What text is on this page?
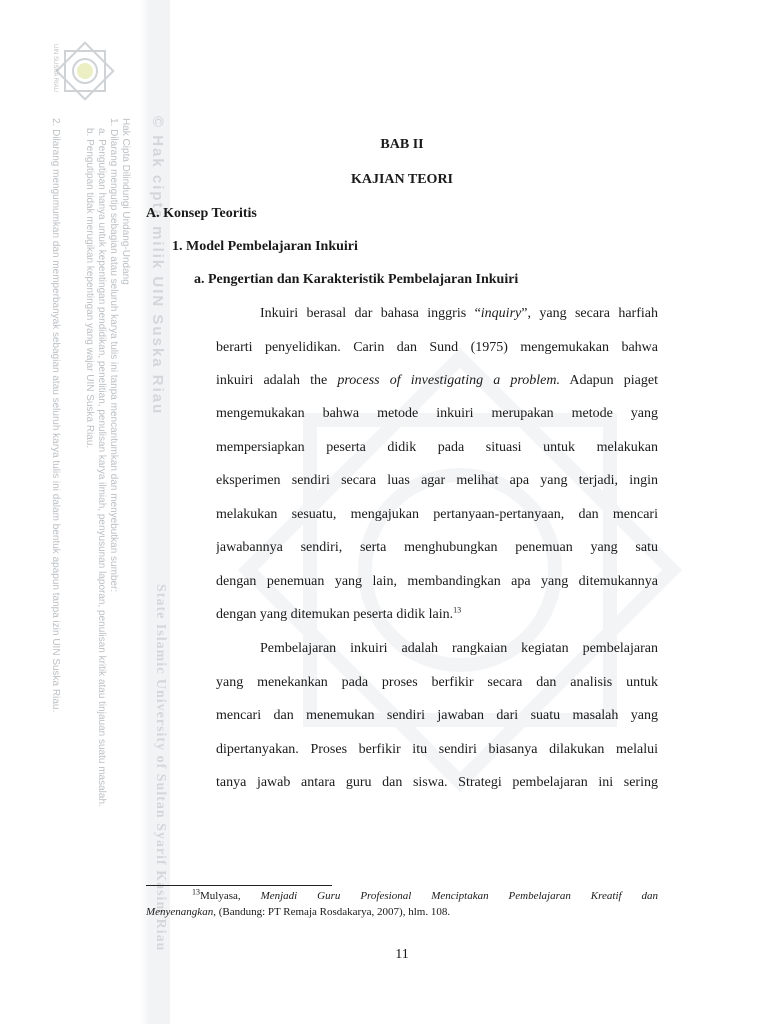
UIN SUSKA RIAU
© Hak cipta milik UIN Suska Riau
State Islamic University of Sultan Syarif Kasim Riau
Hak Cipta Dilindungi Undang-Undang
1. Dilarang mengutip sebagian atau seluruh karya tulis ini tanpa mencantumkan dan menyebutkan sumber:
a. Pengutipan hanya untuk kepentingan pendidikan, penelitian, penulisan karya ilmiah, penyusunan laporan, penulisan kritik atau tinjauan suatu masalah.
b. Pengutipan tidak merugikan kepentingan yang wajar UIN Suska Riau.
2. Dilarang mengumumkan dan memperbanyak sebagian atau seluruh karya tulis ini dalam bentuk apapun tanpa izin UIN Suska Riau.	BAB II
KAJIAN TEORI
A. Konsep Teoritis
1. Model Pembelajaran Inkuiri
a. Pengertian dan Karakteristik Pembelajaran Inkuiri
Inkuiri berasal dar bahasa inggris “inquiry”, yang secara harfiah
berarti penyelidikan. Carin dan Sund (1975) mengemukakan bahwa
inkuiri adalah the process of investigating a problem. Adapun piaget
mengemukakan bahwa metode inkuiri merupakan metode yang
mempersiapkan peserta didik pada situasi untuk melakukan
eksperimen sendiri secara luas agar melihat apa yang terjadi, ingin
melakukan sesuatu, mengajukan pertanyaan-pertanyaan, dan mencari
jawabannya sendiri, serta menghubungkan penemuan yang satu
dengan penemuan yang lain, membandingkan apa yang ditemukannya
dengan yang ditemukan peserta didik lain.$^{13}$
Pembelajaran inkuiri adalah rangkaian kegiatan pembelajaran
yang menekankan pada proses berfikir secara dan analisis untuk
mencari dan menemukan sendiri jawaban dari suatu masalah yang
dipertanyakan. Proses berfikir itu sendiri biasanya dilakukan melalui
tanya jawab antara guru dan siswa. Strategi pembelajaran ini sering
$^{13}$Mulyasa, Menjadi Guru Profesional Menciptakan Pembelajaran Kreatif dan
Menyenangkan, (Bandung: PT Remaja Rosdakarya, 2007), hlm. 108.
11
